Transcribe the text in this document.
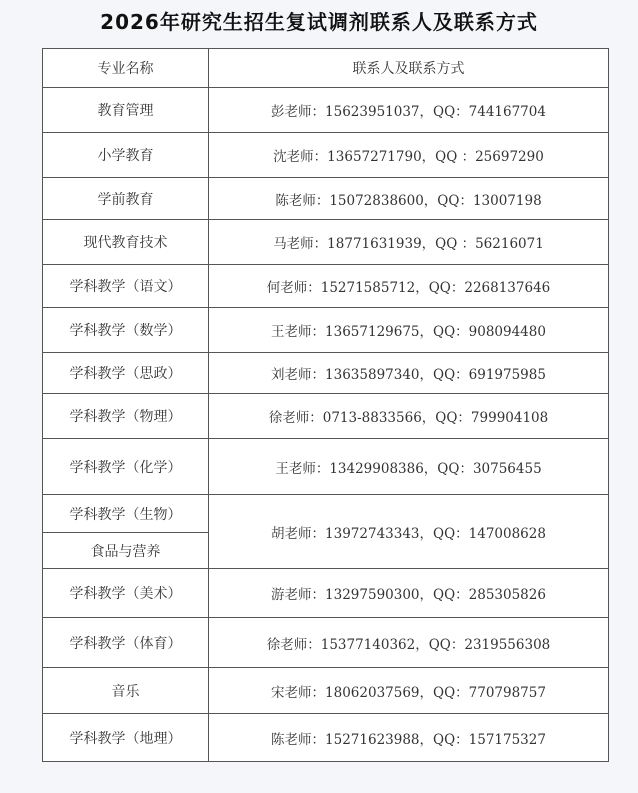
2026年研究生招生复试调剂联系人及联系方式
专业名称	联系人及联系方式
教育管理	彭老师：15623951037，QQ：744167704
小学教育	沈老师：13657271790，QQ ：25697290
学前教育	陈老师：15072838600，QQ：13007198
现代教育技术	马老师：18771631939，QQ ：56216071
学科教学（语文）	何老师：15271585712，QQ：2268137646
学科教学（数学）	王老师：13657129675，QQ：908094480
学科教学（思政）	刘老师：13635897340，QQ：691975985
学科教学（物理）	徐老师：0713-8833566，QQ：799904108
学科教学（化学）	王老师：13429908386，QQ：30756455
学科教学（生物）	胡老师：13972743343，QQ：147008628
食品与营养	
学科教学（美术）	游老师：13297590300，QQ：285305826
学科教学（体育）	徐老师：15377140362，QQ：2319556308
音乐	宋老师：18062037569，QQ：770798757
学科教学（地理）	陈老师：15271623988，QQ：157175327
